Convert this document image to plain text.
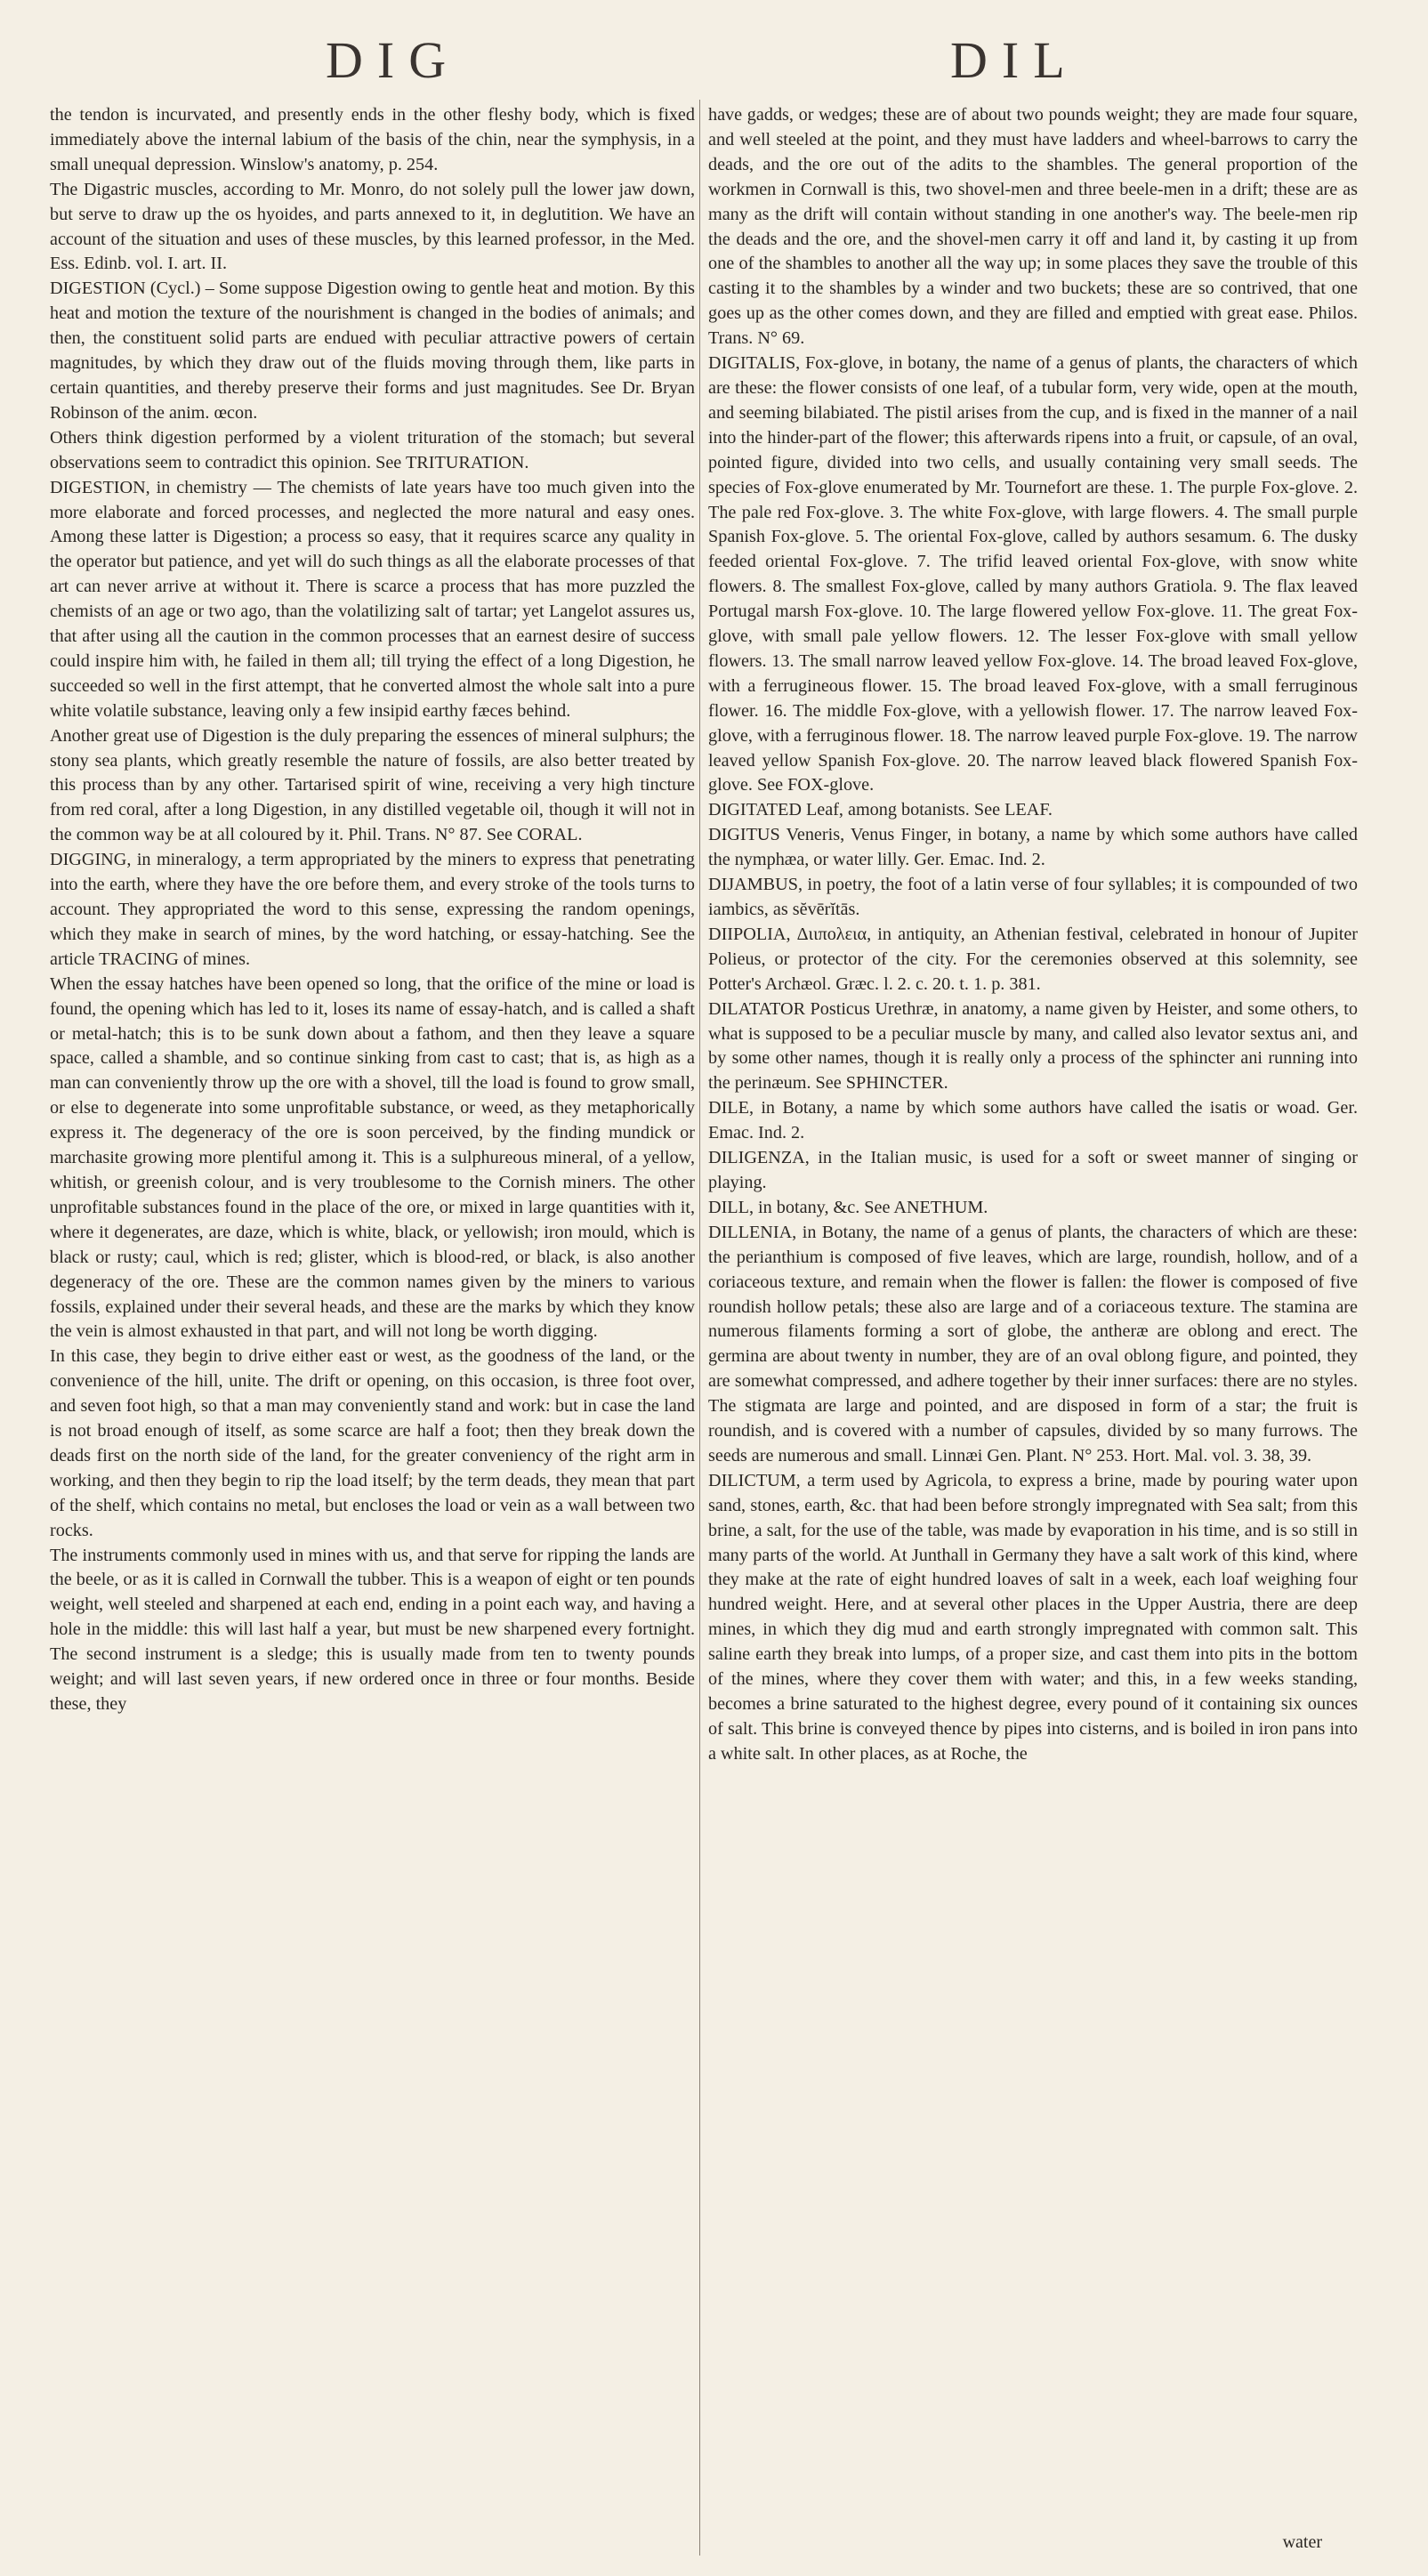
DIG	DIL

the tendon is incurvated, and presently ends in the other fleshy body, which is fixed immediately above the internal labium of the basis of the chin, near the symphysis, in a small unequal depression. Winslow's anatomy, p. 254.

The Digastric muscles, according to Mr. Monro, do not solely pull the lower jaw down, but serve to draw up the os hyoides, and parts annexed to it, in deglutition. We have an account of the situation and uses of these muscles, by this learned professor, in the Med. Ess. Edinb. vol. I. art. II.

DIGESTION (Cycl.) – Some suppose Digestion owing to gentle heat and motion. By this heat and motion the texture of the nourishment is changed in the bodies of animals; and then, the constituent solid parts are endued with peculiar attractive powers of certain magnitudes, by which they draw out of the fluids moving through them, like parts in certain quantities, and thereby preserve their forms and just magnitudes. See Dr. Bryan Robinson of the anim. œcon.

Others think digestion performed by a violent trituration of the stomach; but several observations seem to contradict this opinion. See TRITURATION.

DIGESTION, in chemistry — The chemists of late years have too much given into the more elaborate and forced processes, and neglected the more natural and easy ones. Among these latter is Digestion; a process so easy, that it requires scarce any quality in the operator but patience, and yet will do such things as all the elaborate processes of that art can never arrive at without it. There is scarce a process that has more puzzled the chemists of an age or two ago, than the volatilizing salt of tartar; yet Langelot assures us, that after using all the caution in the common processes that an earnest desire of success could inspire him with, he failed in them all; till trying the effect of a long Digestion, he succeeded so well in the first attempt, that he converted almost the whole salt into a pure white volatile substance, leaving only a few insipid earthy fæces behind.

Another great use of Digestion is the duly preparing the essences of mineral sulphurs; the stony sea plants, which greatly resemble the nature of fossils, are also better treated by this process than by any other. Tartarised spirit of wine, receiving a very high tincture from red coral, after a long Digestion, in any distilled vegetable oil, though it will not in the common way be at all coloured by it. Phil. Trans. N° 87. See CORAL.

DIGGING, in mineralogy, a term appropriated by the miners to express that penetrating into the earth, where they have the ore before them, and every stroke of the tools turns to account. They appropriated the word to this sense, expressing the random openings, which they make in search of mines, by the word hatching, or essay-hatching. See the article TRACING of mines.

When the essay hatches have been opened so long, that the orifice of the mine or load is found, the opening which has led to it, loses its name of essay-hatch, and is called a shaft or metal-hatch; this is to be sunk down about a fathom, and then they leave a square space, called a shamble, and so continue sinking from cast to cast; that is, as high as a man can conveniently throw up the ore with a shovel, till the load is found to grow small, or else to degenerate into some unprofitable substance, or weed, as they metaphorically express it. The degeneracy of the ore is soon perceived, by the finding mundick or marchasite growing more plentiful among it. This is a sulphureous mineral, of a yellow, whitish, or greenish colour, and is very troublesome to the Cornish miners. The other unprofitable substances found in the place of the ore, or mixed in large quantities with it, where it degenerates, are daze, which is white, black, or yellowish; iron mould, which is black or rusty; caul, which is red; glister, which is blood-red, or black, is also another degeneracy of the ore. These are the common names given by the miners to various fossils, explained under their several heads, and these are the marks by which they know the vein is almost exhausted in that part, and will not long be worth digging.

In this case, they begin to drive either east or west, as the goodness of the land, or the convenience of the hill, unite. The drift or opening, on this occasion, is three foot over, and seven foot high, so that a man may conveniently stand and work: but in case the land is not broad enough of itself, as some scarce are half a foot; then they break down the deads first on the north side of the land, for the greater conveniency of the right arm in working, and then they begin to rip the load itself; by the term deads, they mean that part of the shelf, which contains no metal, but encloses the load or vein as a wall between two rocks.

The instruments commonly used in mines with us, and that serve for ripping the lands are the beele, or as it is called in Cornwall the tubber. This is a weapon of eight or ten pounds weight, well steeled and sharpened at each end, ending in a point each way, and having a hole in the middle: this will last half a year, but must be new sharpened every fortnight. The second instrument is a sledge; this is usually made from ten to twenty pounds weight; and will last seven years, if new ordered once in three or four months. Beside these, they

have gadds, or wedges; these are of about two pounds weight; they are made four square, and well steeled at the point, and they must have ladders and wheel-barrows to carry the deads, and the ore out of the adits to the shambles. The general proportion of the workmen in Cornwall is this, two shovel-men and three beele-men in a drift; these are as many as the drift will contain without standing in one another's way. The beele-men rip the deads and the ore, and the shovel-men carry it off and land it, by casting it up from one of the shambles to another all the way up; in some places they save the trouble of this casting it to the shambles by a winder and two buckets; these are so contrived, that one goes up as the other comes down, and they are filled and emptied with great ease. Philos. Trans. N° 69.

DIGITALIS, Fox-glove, in botany, the name of a genus of plants, the characters of which are these: the flower consists of one leaf, of a tubular form, very wide, open at the mouth, and seeming bilabiated. The pistil arises from the cup, and is fixed in the manner of a nail into the hinder-part of the flower; this afterwards ripens into a fruit, or capsule, of an oval, pointed figure, divided into two cells, and usually containing very small seeds. The species of Fox-glove enumerated by Mr. Tournefort are these. 1. The purple Fox-glove. 2. The pale red Fox-glove. 3. The white Fox-glove, with large flowers. 4. The small purple Spanish Fox-glove. 5. The oriental Fox-glove, called by authors sesamum. 6. The dusky feeded oriental Fox-glove. 7. The trifid leaved oriental Fox-glove, with snow white flowers. 8. The smallest Fox-glove, called by many authors Gratiola. 9. The flax leaved Portugal marsh Fox-glove. 10. The large flowered yellow Fox-glove. 11. The great Fox-glove, with small pale yellow flowers. 12. The lesser Fox-glove with small yellow flowers. 13. The small narrow leaved yellow Fox-glove. 14. The broad leaved Fox-glove, with a ferrugineous flower. 15. The broad leaved Fox-glove, with a small ferruginous flower. 16. The middle Fox-glove, with a yellowish flower. 17. The narrow leaved Fox-glove, with a ferruginous flower. 18. The narrow leaved purple Fox-glove. 19. The narrow leaved yellow Spanish Fox-glove. 20. The narrow leaved black flowered Spanish Fox-glove. See FOX-glove.

DIGITATED Leaf, among botanists. See LEAF.

DIGITUS Veneris, Venus Finger, in botany, a name by which some authors have called the nymphæa, or water lilly. Ger. Emac. Ind. 2.

DIJAMBUS, in poetry, the foot of a latin verse of four syllables; it is compounded of two iambics, as sĕvērĭtās.

DIIPOLIA, Διιπολεια, in antiquity, an Athenian festival, celebrated in honour of Jupiter Polieus, or protector of the city. For the ceremonies observed at this solemnity, see Potter's Archæol. Græc. l. 2. c. 20. t. 1. p. 381.

DILATATOR Posticus Urethræ, in anatomy, a name given by Heister, and some others, to what is supposed to be a peculiar muscle by many, and called also levator sextus ani, and by some other names, though it is really only a process of the sphincter ani running into the perinæum. See SPHINCTER.

DILE, in Botany, a name by which some authors have called the isatis or woad. Ger. Emac. Ind. 2.

DILIGENZA, in the Italian music, is used for a soft or sweet manner of singing or playing.

DILL, in botany, &c. See ANETHUM.

DILLENIA, in Botany, the name of a genus of plants, the characters of which are these: the perianthium is composed of five leaves, which are large, roundish, hollow, and of a coriaceous texture, and remain when the flower is fallen: the flower is composed of five roundish hollow petals; these also are large and of a coriaceous texture. The stamina are numerous filaments forming a sort of globe, the antheræ are oblong and erect. The germina are about twenty in number, they are of an oval oblong figure, and pointed, they are somewhat compressed, and adhere together by their inner surfaces: there are no styles. The stigmata are large and pointed, and are disposed in form of a star; the fruit is roundish, and is covered with a number of capsules, divided by so many furrows. The seeds are numerous and small. Linnæi Gen. Plant. N° 253. Hort. Mal. vol. 3. 38, 39.

DILICTUM, a term used by Agricola, to express a brine, made by pouring water upon sand, stones, earth, &c. that had been before strongly impregnated with Sea salt; from this brine, a salt, for the use of the table, was made by evaporation in his time, and is so still in many parts of the world. At Junthall in Germany they have a salt work of this kind, where they make at the rate of eight hundred loaves of salt in a week, each loaf weighing four hundred weight. Here, and at several other places in the Upper Austria, there are deep mines, in which they dig mud and earth strongly impregnated with common salt. This saline earth they break into lumps, of a proper size, and cast them into pits in the bottom of the mines, where they cover them with water; and this, in a few weeks standing, becomes a brine saturated to the highest degree, every pound of it containing six ounces of salt. This brine is conveyed thence by pipes into cisterns, and is boiled in iron pans into a white salt. In other places, as at Roche, the

water
